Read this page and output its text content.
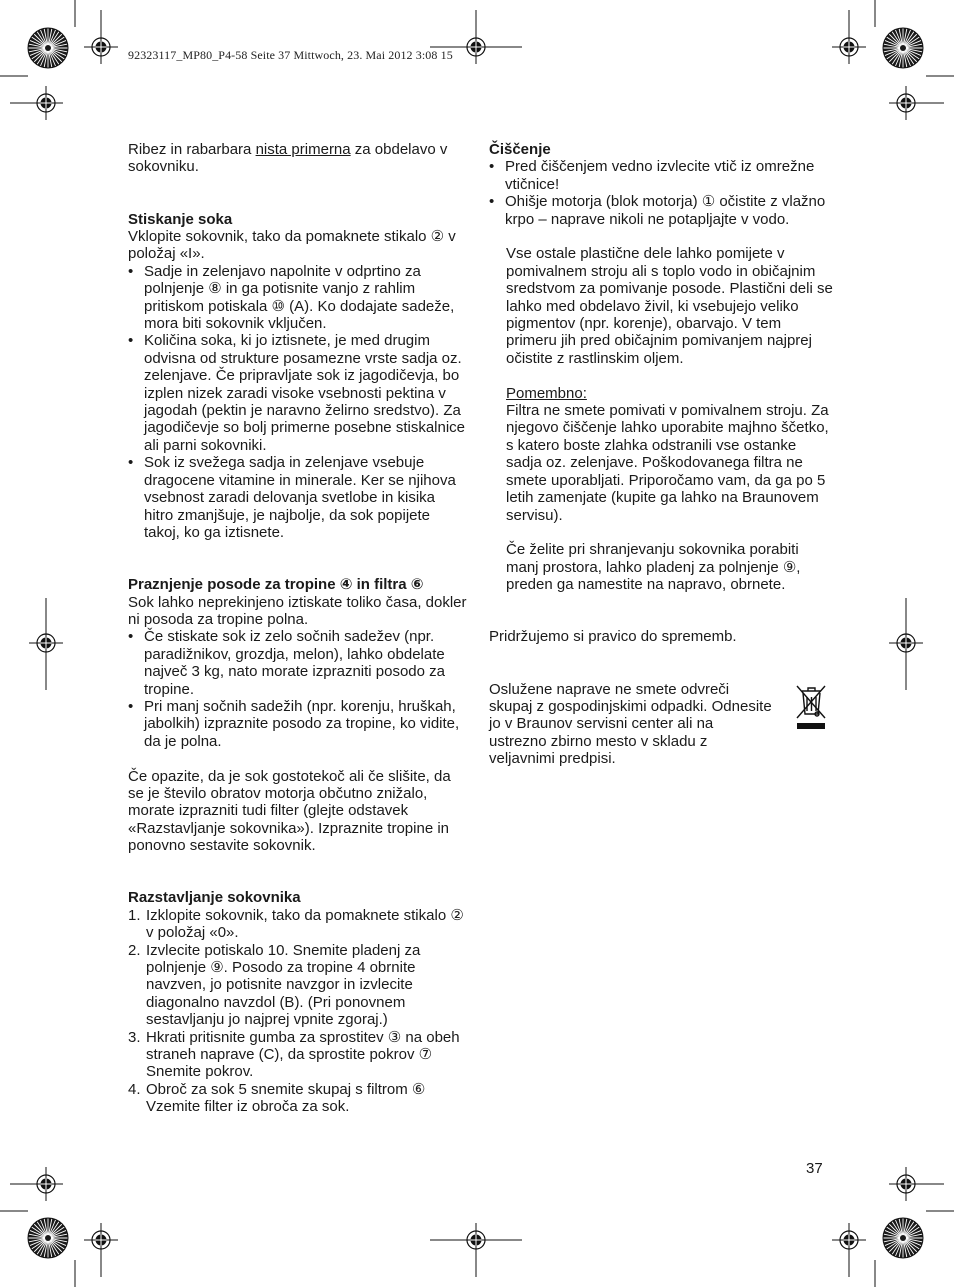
92323117_MP80_P4-58 Seite 37 Mittwoch, 23. Mai 2012 3:08 15

Ribez in rabarbara nista primerna za obdelavo v sokovniku.

Stiskanje soka

Vklopite sokovnik, tako da pomaknete stikalo ② v položaj «I».

• Sadje in zelenjavo napolnite v odprtino za polnjenje ⑧ in ga potisnite vanjo z rahlim pritiskom potiskala ⑩ (A). Ko dodajate sadeže, mora biti sokovnik vključen.
• Količina soka, ki jo iztisnete, je med drugim odvisna od strukture posamezne vrste sadja oz. zelenjave. Če pripravljate sok iz jagodičevja, bo izplen nizek zaradi visoke vsebnosti pektina v jagodah (pektin je naravno želirno sredstvo). Za jagodičevje so bolj primerne posebne stiskalnice ali parni sokovniki.
• Sok iz svežega sadja in zelenjave vsebuje dragocene vitamine in minerale. Ker se njihova vsebnost zaradi delovanja svetlobe in kisika hitro zmanjšuje, je najbolje, da sok popijete takoj, ko ga iztisnete.

Praznjenje posode za tropine ④ in filtra ⑥

Sok lahko neprekinjeno iztiskate toliko časa, dokler ni posoda za tropine polna.

• Če stiskate sok iz zelo sočnih sadežev (npr. paradižnikov, grozdja, melon), lahko obdelate največ 3 kg, nato morate izprazniti posodo za tropine.
• Pri manj sočnih sadežih (npr. korenju, hruškah, jabolkih) izpraznite posodo za tropine, ko vidite, da je polna.

Če opazite, da je sok gostotekoč ali če slišite, da se je število obratov motorja občutno znižalo, morate izprazniti tudi filter (glejte odstavek «Razstavljanje sokovnika»). Izpraznite tropine in ponovno sestavite sokovnik.

Razstavljanje sokovnika

1. Izklopite sokovnik, tako da pomaknete stikalo ② v položaj «0».
2. Izvlecite potiskalo 10. Snemite pladenj za polnjenje ⑨. Posodo za tropine 4 obrnite navzven, jo potisnite navzgor in izvlecite diagonalno navzdol (B). (Pri ponovnem sestavljanju jo najprej vpnite zgoraj.)
3. Hkrati pritisnite gumba za sprostitev ③ na obeh straneh naprave (C), da sprostite pokrov ⑦ Snemite pokrov.
4. Obroč za sok 5 snemite skupaj s filtrom ⑥ Vzemite filter iz obroča za sok.

Čiščenje

• Pred čiščenjem vedno izvlecite vtič iz omrežne vtičnice!
• Ohišje motorja (blok motorja) ① očistite z vlažno krpo – naprave nikoli ne potapljajte v vodo.

Vse ostale plastične dele lahko pomijete v pomivalnem stroju ali s toplo vodo in običajnim sredstvom za pomivanje posode. Plastični deli se lahko med obdelavo živil, ki vsebujejo veliko pigmentov (npr. korenje), obarvajo. V tem primeru jih pred običajnim pomivanjem najprej očistite z rastlinskim oljem.

Pomembno:

Filtra ne smete pomivati v pomivalnem stroju. Za njegovo čiščenje lahko uporabite majhno ščetko, s katero boste zlahka odstranili vse ostanke sadja oz. zelenjave. Poškodovanega filtra ne smete uporabljati. Priporočamo vam, da ga po 5 letih zamenjate (kupite ga lahko na Braunovem servisu).

Če želite pri shranjevanju sokovnika porabiti manj prostora, lahko pladenj za polnjenje ⑨, preden ga namestite na napravo, obrnete.

Pridržujemo si pravico do sprememb.

Oslužene naprave ne smete odvreči skupaj z gospodinjskimi odpadki. Odnesite jo v Braunov servisni center ali na ustrezno zbirno mesto v skladu z veljavnimi predpisi.

37
